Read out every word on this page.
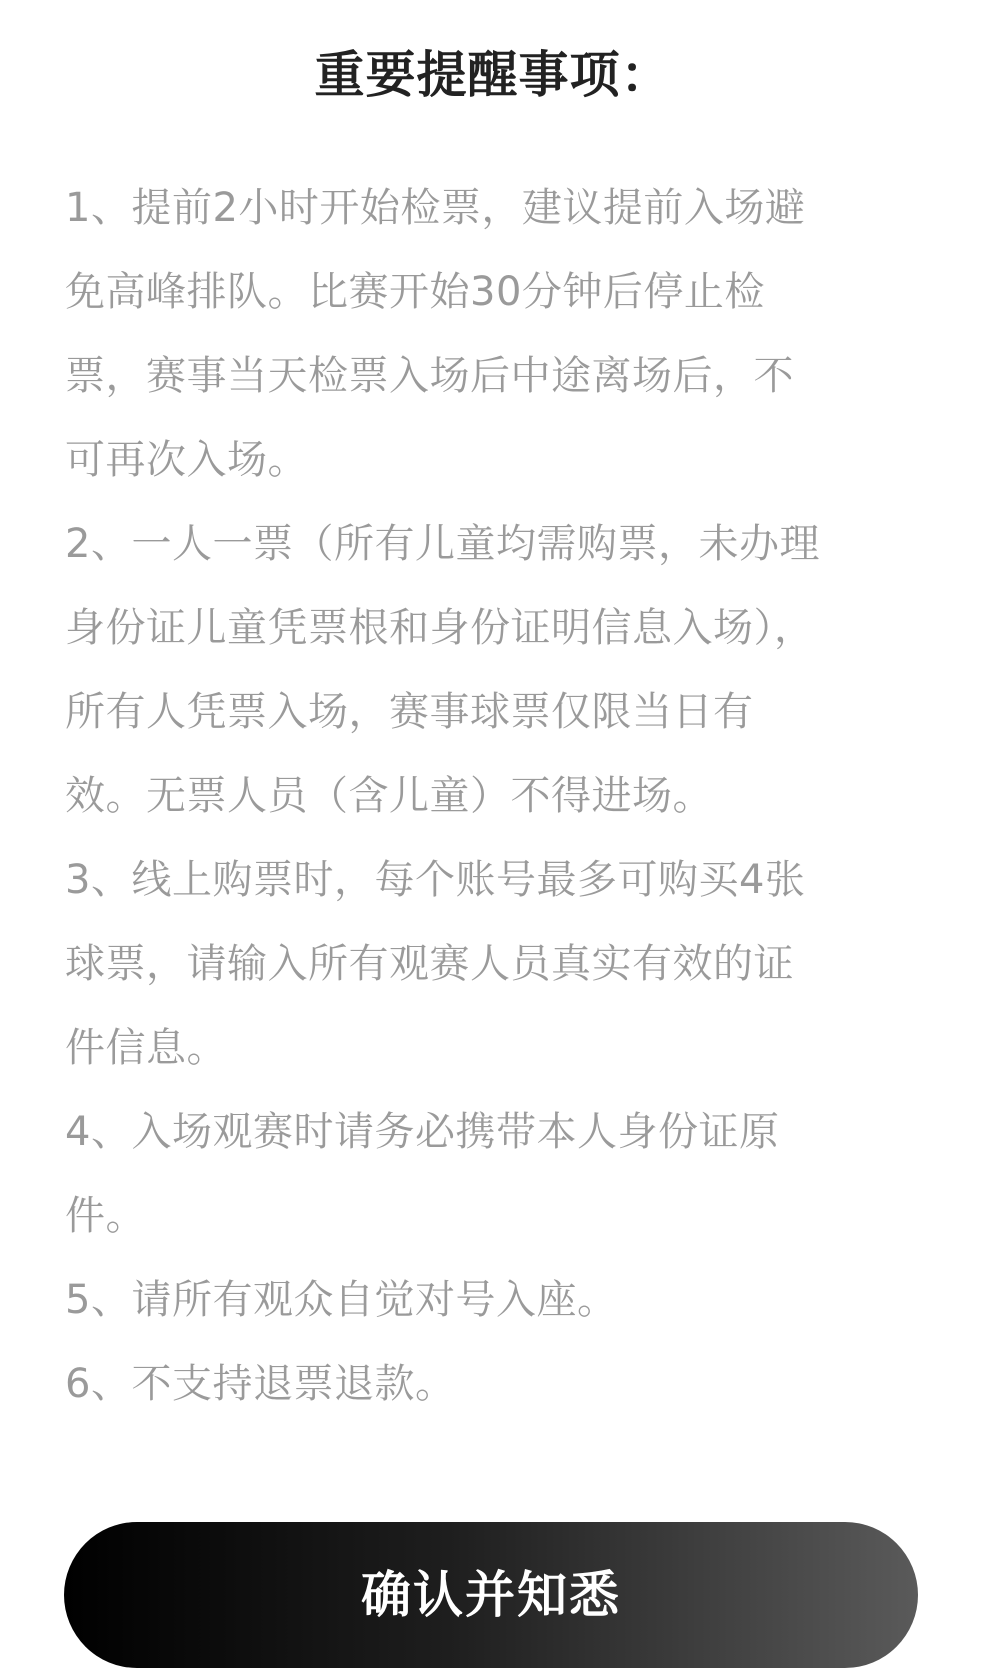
重要提醒事项：
1、提前2小时开始检票，建议提前入场避
免高峰排队。比赛开始30分钟后停止检
票，赛事当天检票入场后中途离场后，不
可再次入场。
2、一人一票（所有儿童均需购票，未办理
身份证儿童凭票根和身份证明信息入场），
所有人凭票入场，赛事球票仅限当日有
效。无票人员（含儿童）不得进场。
3、线上购票时，每个账号最多可购买4张
球票，请输入所有观赛人员真实有效的证
件信息。
4、入场观赛时请务必携带本人身份证原
件。
5、请所有观众自觉对号入座。
6、不支持退票退款。
确认并知悉
